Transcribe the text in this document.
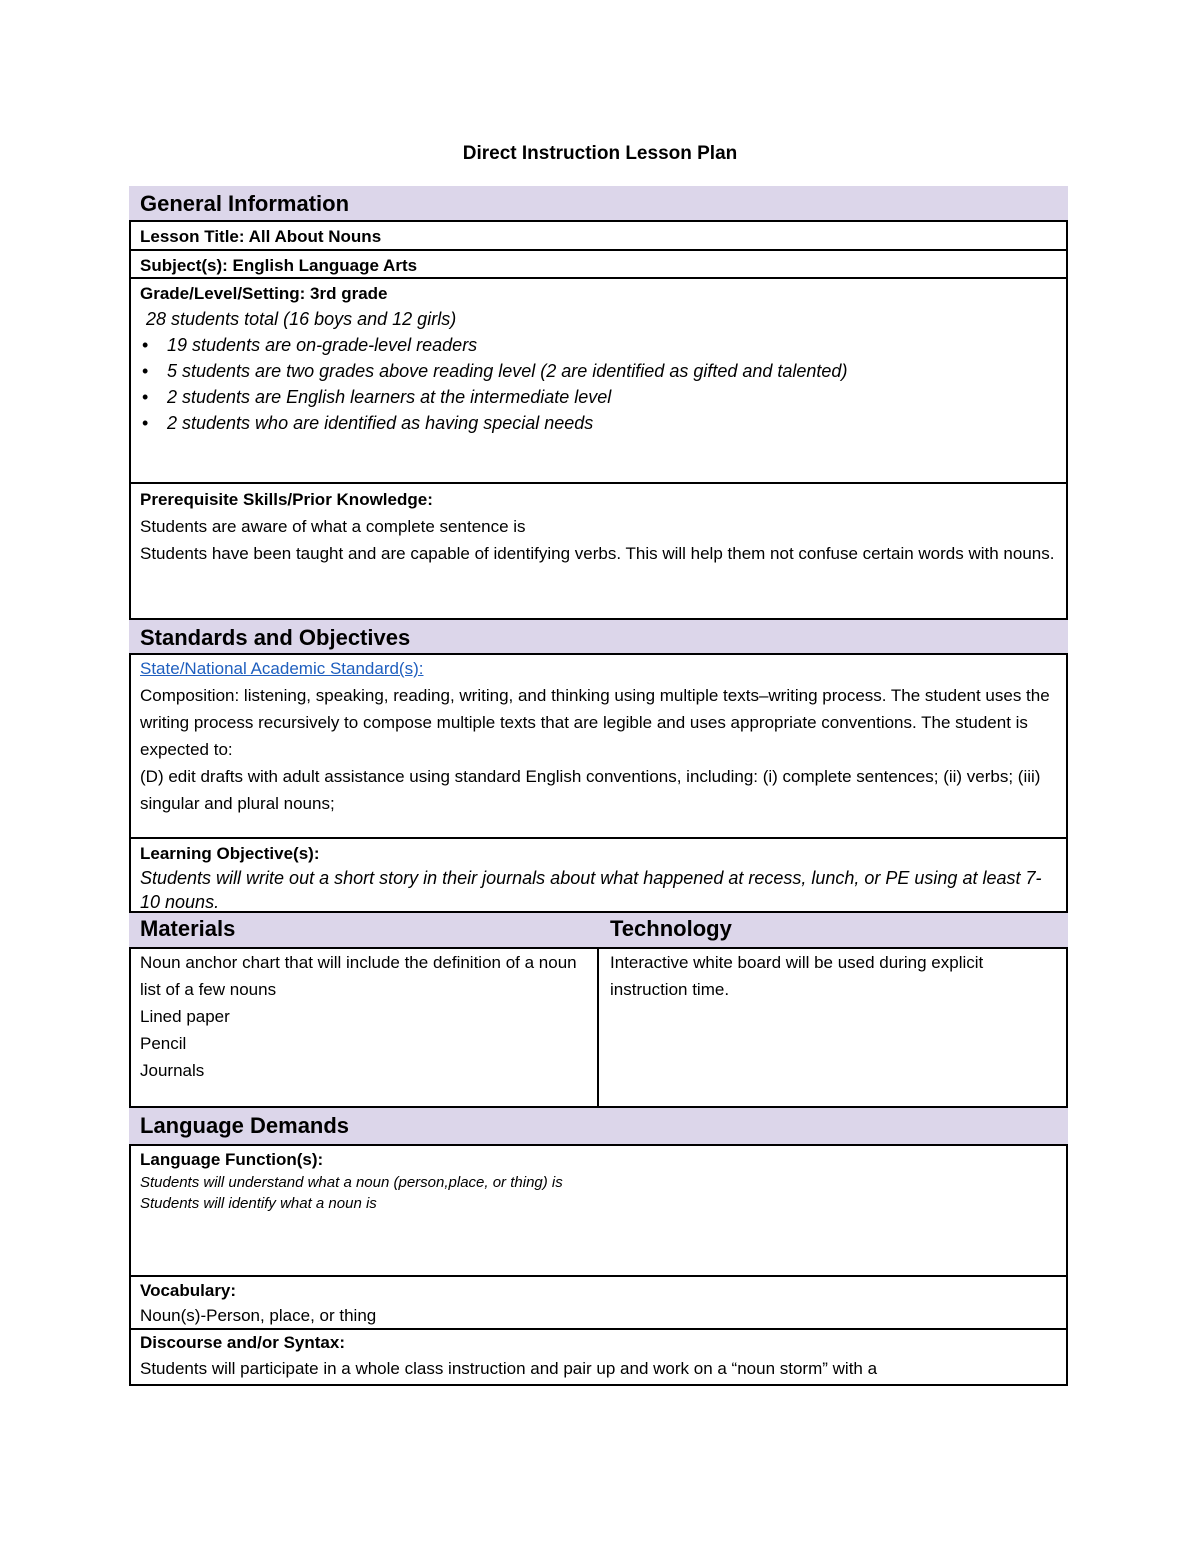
Direct Instruction Lesson Plan
General Information
Lesson Title: All About Nouns
Subject(s): English Language Arts
Grade/Level/Setting: 3rd grade
28 students total (16 boys and 12 girls)
• 19 students are on-grade-level readers
• 5 students are two grades above reading level (2 are identified as gifted and talented)
• 2 students are English learners at the intermediate level
• 2 students who are identified as having special needs
Prerequisite Skills/Prior Knowledge:
Students are aware of what a complete sentence is
Students have been taught and are capable of identifying verbs. This will help them not confuse certain words with nouns.
Standards and Objectives
State/National Academic Standard(s):
Composition: listening, speaking, reading, writing, and thinking using multiple texts–writing process. The student uses the writing process recursively to compose multiple texts that are legible and uses appropriate conventions. The student is expected to:
(D) edit drafts with adult assistance using standard English conventions, including: (i) complete sentences; (ii) verbs; (iii) singular and plural nouns;
Learning Objective(s):
Students will write out a short story in their journals about what happened at recess, lunch, or PE using at least 7-10 nouns.
Materials	Technology
Noun anchor chart that will include the definition of a noun
list of a few nouns
Lined paper
Pencil
Journals
Interactive white board will be used during explicit instruction time.
Language Demands
Language Function(s):
Students will understand what a noun (person,place, or thing) is
Students will identify what a noun is
Vocabulary:
Noun(s)-Person, place, or thing
Discourse and/or Syntax:
Students will participate in a whole class instruction and pair up and work on a “noun storm” with a
